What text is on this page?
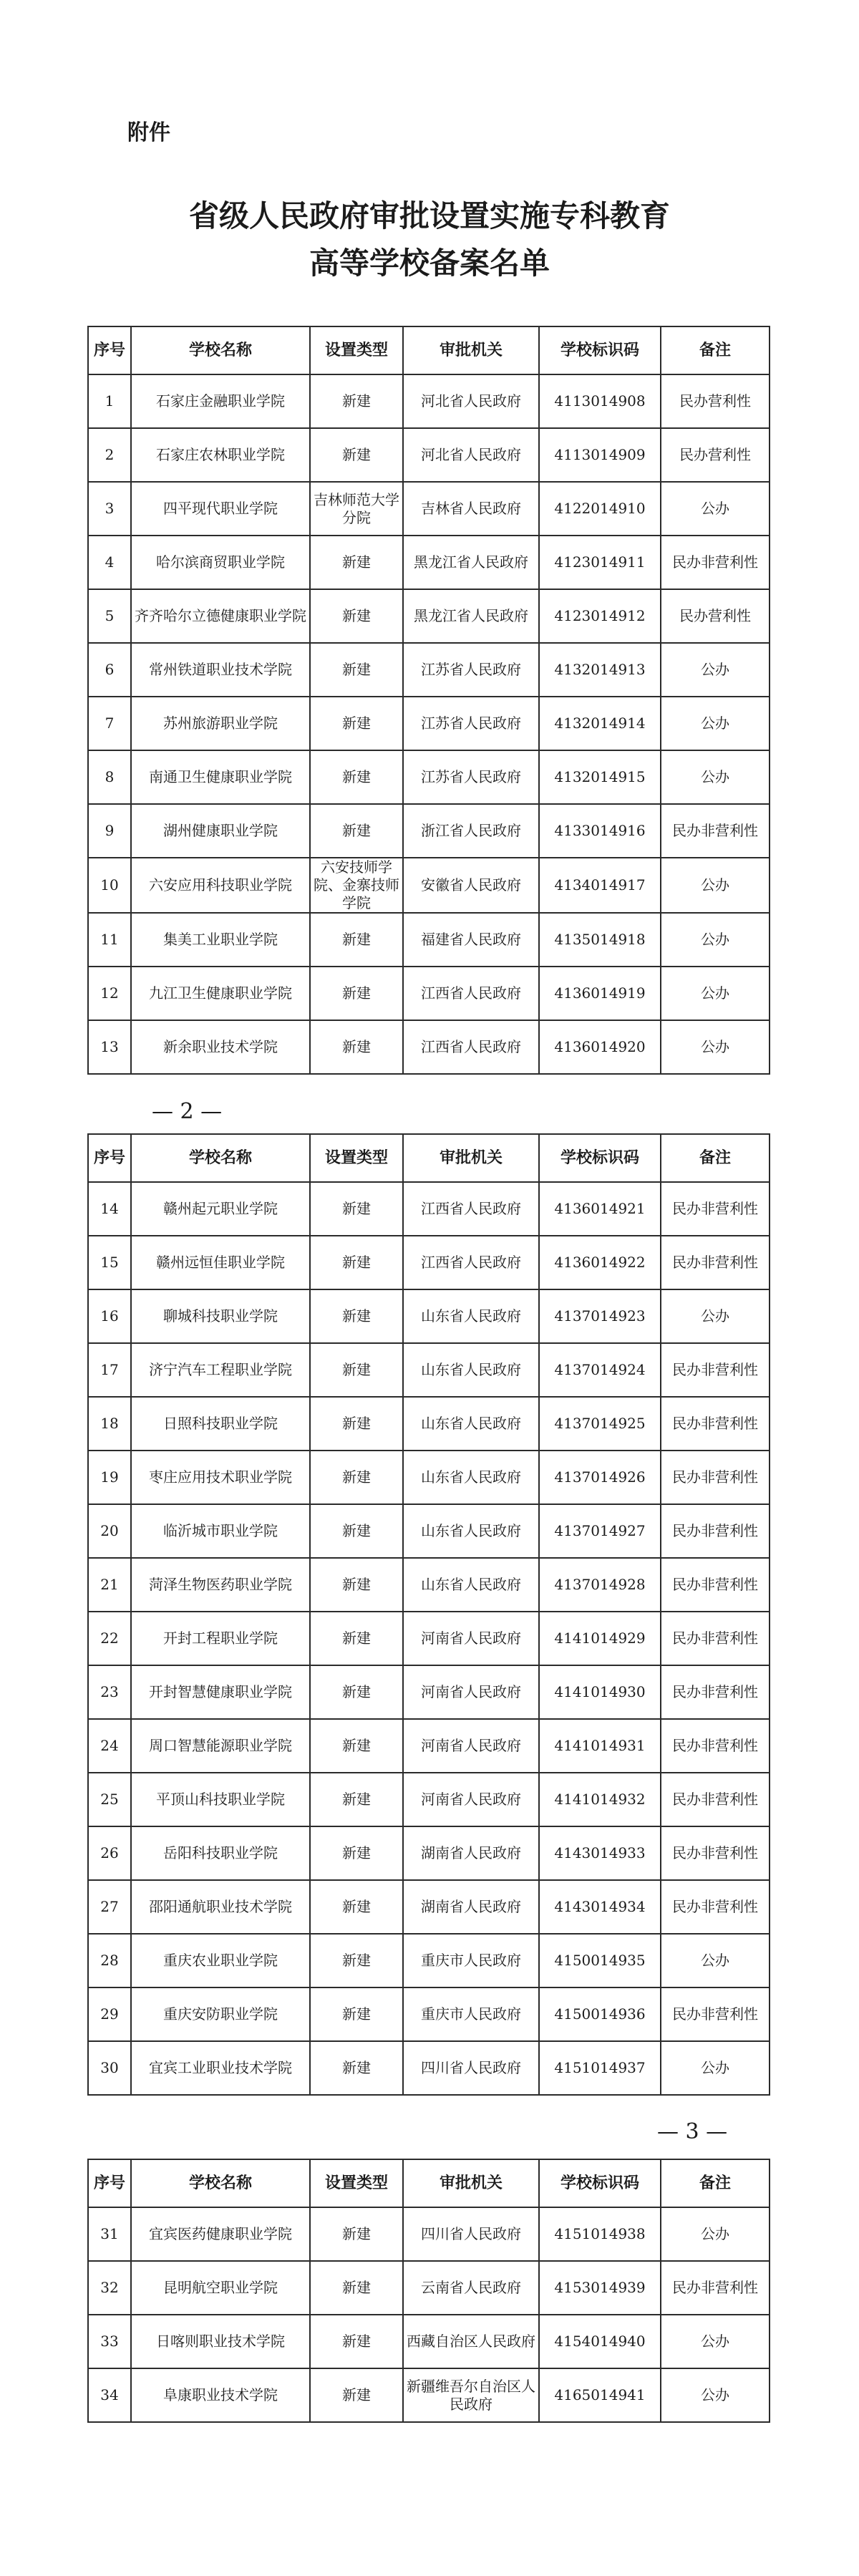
附件
省级人民政府审批设置实施专科教育
高等学校备案名单
序号	学校名称	设置类型	审批机关	学校标识码	备注
1	石家庄金融职业学院	新建	河北省人民政府	4113014908	民办营利性
2	石家庄农林职业学院	新建	河北省人民政府	4113014909	民办营利性
3	四平现代职业学院	吉林师范大学分院	吉林省人民政府	4122014910	公办
4	哈尔滨商贸职业学院	新建	黑龙江省人民政府	4123014911	民办非营利性
5	齐齐哈尔立德健康职业学院	新建	黑龙江省人民政府	4123014912	民办营利性
6	常州铁道职业技术学院	新建	江苏省人民政府	4132014913	公办
7	苏州旅游职业学院	新建	江苏省人民政府	4132014914	公办
8	南通卫生健康职业学院	新建	江苏省人民政府	4132014915	公办
9	湖州健康职业学院	新建	浙江省人民政府	4133014916	民办非营利性
10	六安应用科技职业学院	六安技师学院、金寨技师学院	安徽省人民政府	4134014917	公办
11	集美工业职业学院	新建	福建省人民政府	4135014918	公办
12	九江卫生健康职业学院	新建	江西省人民政府	4136014919	公办
13	新余职业技术学院	新建	江西省人民政府	4136014920	公办
— 2 —
序号	学校名称	设置类型	审批机关	学校标识码	备注
14	赣州起元职业学院	新建	江西省人民政府	4136014921	民办非营利性
15	赣州远恒佳职业学院	新建	江西省人民政府	4136014922	民办非营利性
16	聊城科技职业学院	新建	山东省人民政府	4137014923	公办
17	济宁汽车工程职业学院	新建	山东省人民政府	4137014924	民办非营利性
18	日照科技职业学院	新建	山东省人民政府	4137014925	民办非营利性
19	枣庄应用技术职业学院	新建	山东省人民政府	4137014926	民办非营利性
20	临沂城市职业学院	新建	山东省人民政府	4137014927	民办非营利性
21	菏泽生物医药职业学院	新建	山东省人民政府	4137014928	民办非营利性
22	开封工程职业学院	新建	河南省人民政府	4141014929	民办非营利性
23	开封智慧健康职业学院	新建	河南省人民政府	4141014930	民办非营利性
24	周口智慧能源职业学院	新建	河南省人民政府	4141014931	民办非营利性
25	平顶山科技职业学院	新建	河南省人民政府	4141014932	民办非营利性
26	岳阳科技职业学院	新建	湖南省人民政府	4143014933	民办非营利性
27	邵阳通航职业技术学院	新建	湖南省人民政府	4143014934	民办非营利性
28	重庆农业职业学院	新建	重庆市人民政府	4150014935	公办
29	重庆安防职业学院	新建	重庆市人民政府	4150014936	民办非营利性
30	宜宾工业职业技术学院	新建	四川省人民政府	4151014937	公办
— 3 —
序号	学校名称	设置类型	审批机关	学校标识码	备注
31	宜宾医药健康职业学院	新建	四川省人民政府	4151014938	公办
32	昆明航空职业学院	新建	云南省人民政府	4153014939	民办非营利性
33	日喀则职业技术学院	新建	西藏自治区人民政府	4154014940	公办
34	阜康职业技术学院	新建	新疆维吾尔自治区人民政府	4165014941	公办
